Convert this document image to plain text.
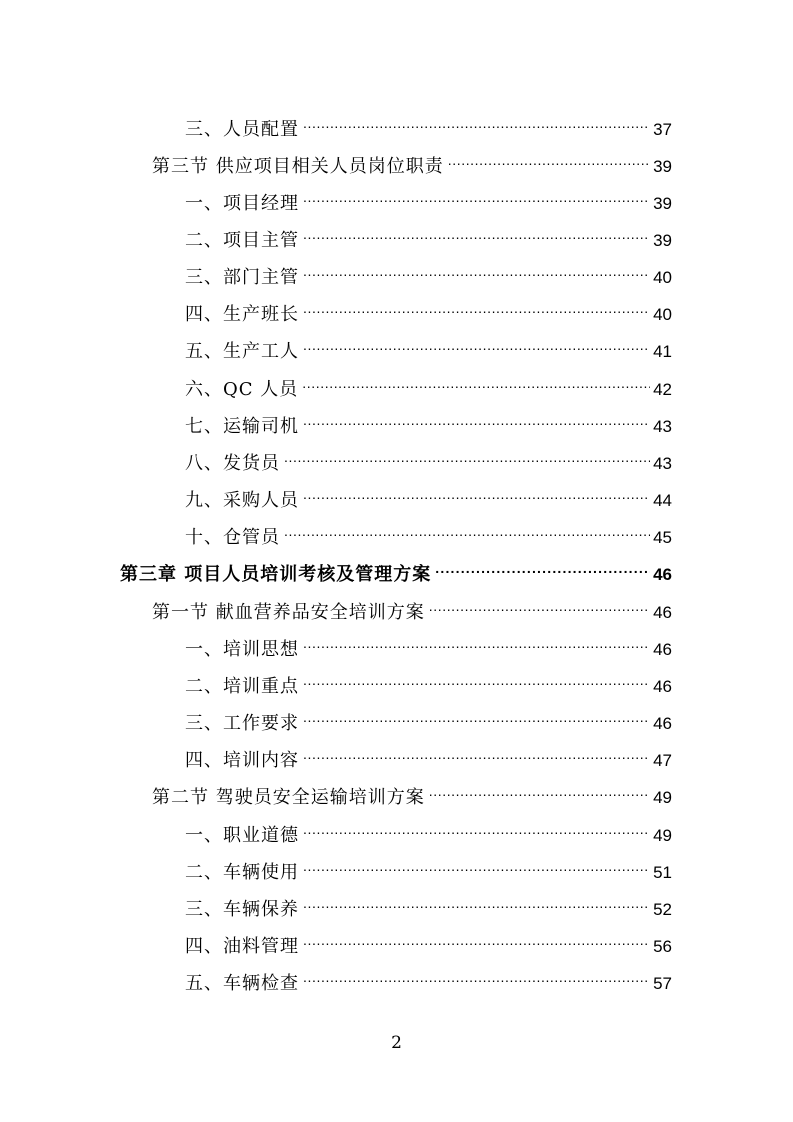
三、人员配置 .....	37
第三节 供应项目相关人员岗位职责 .....	39
一、项目经理 .....	39
二、项目主管 .....	39
三、部门主管 .....	40
四、生产班长 .....	40
五、生产工人 .....	41
六、QC 人员 .....	42
七、运输司机 .....	43
八、发货员 .....	43
九、采购人员 .....	44
十、仓管员 .....	45
第三章 项目人员培训考核及管理方案 .....	46
第一节 献血营养品安全培训方案 .....	46
一、培训思想 .....	46
二、培训重点 .....	46
三、工作要求 .....	46
四、培训内容 .....	47
第二节 驾驶员安全运输培训方案 .....	49
一、职业道德 .....	49
二、车辆使用 .....	51
三、车辆保养 .....	52
四、油料管理 .....	56
五、车辆检查 .....	57
2
